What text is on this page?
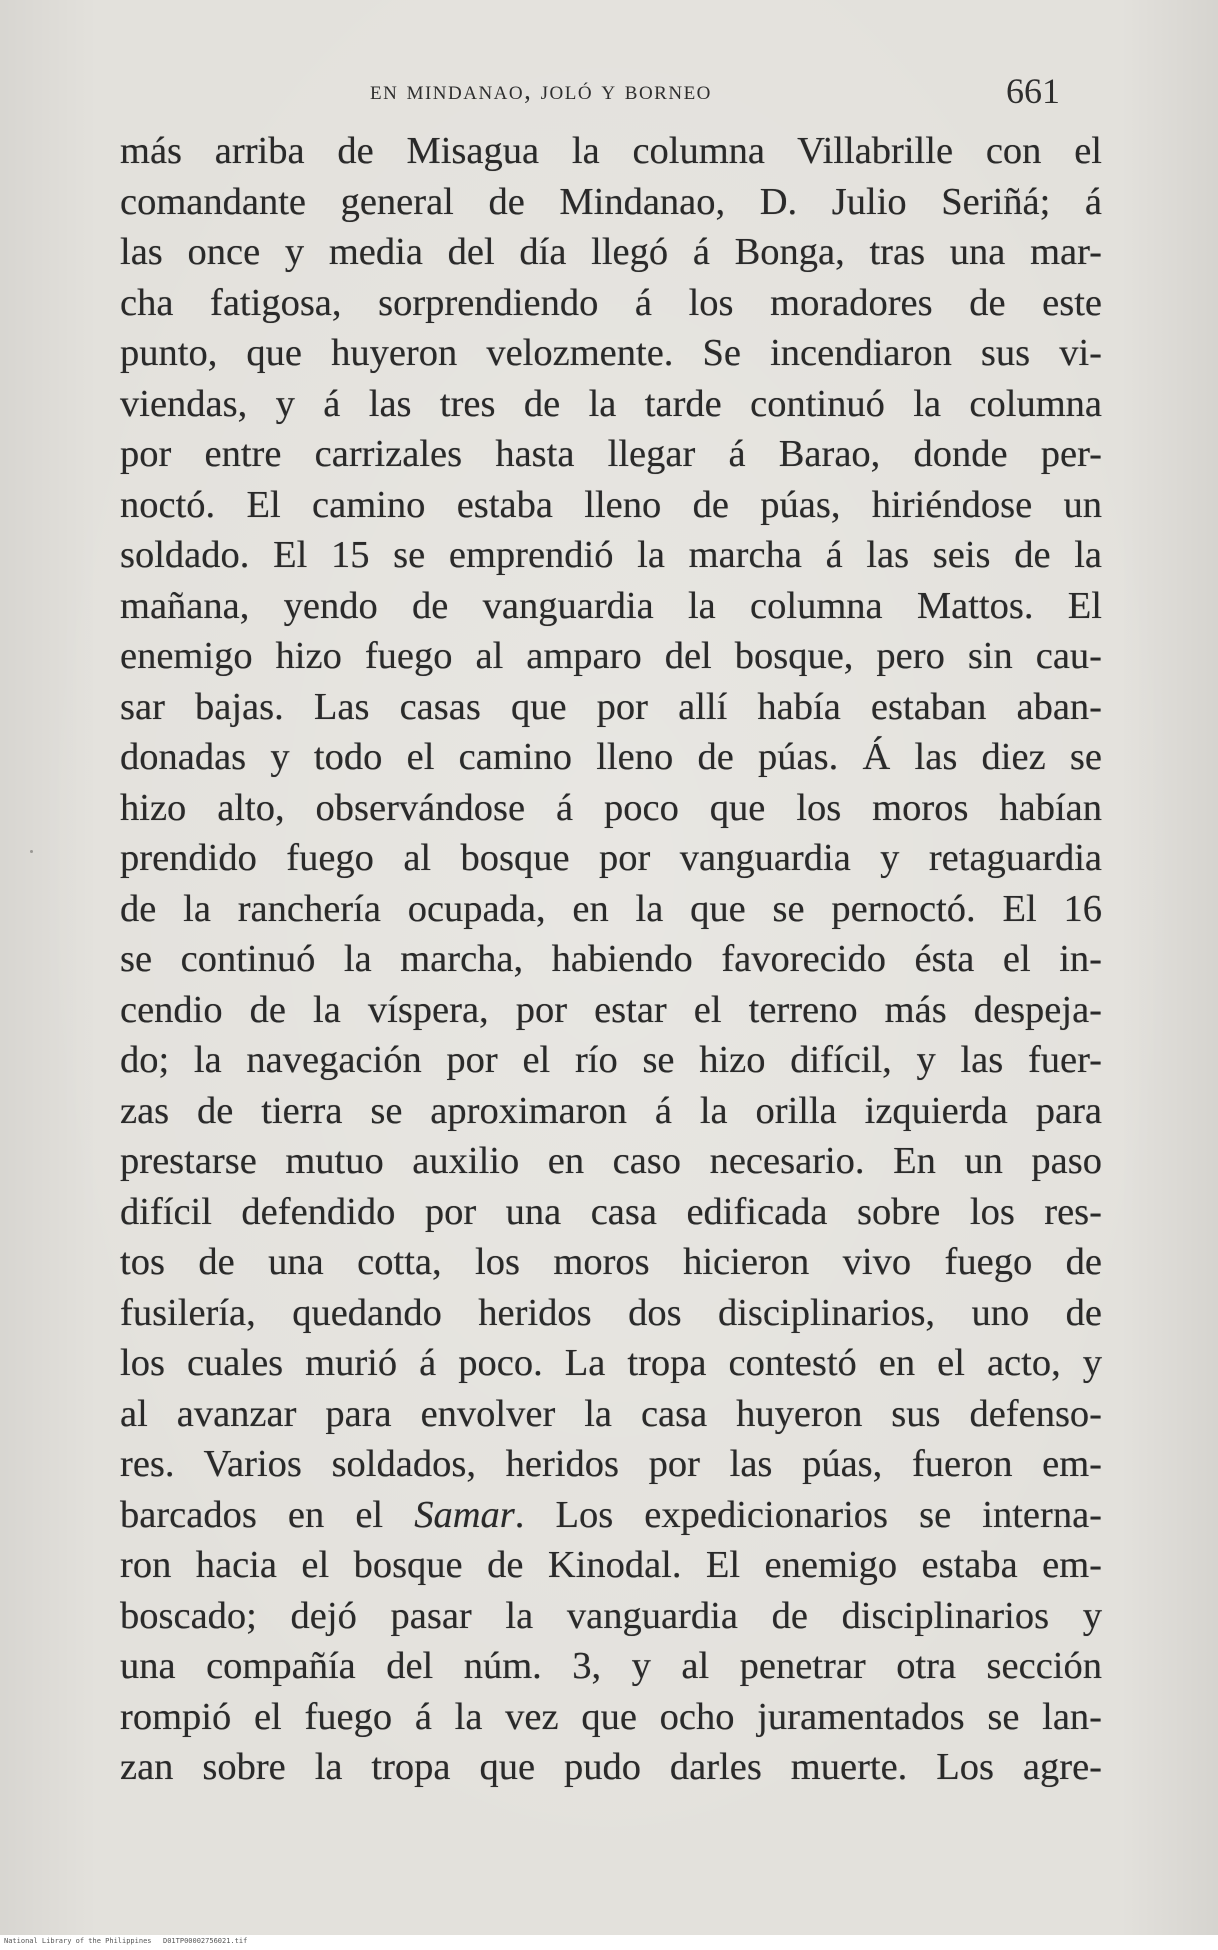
en mindanao, joló y borneo	661
más arriba de Misagua la columna Villabrille con el
comandante general de Mindanao, D. Julio Seriñá; á
las once y media del día llegó á Bonga, tras una mar-
cha fatigosa, sorprendiendo á los moradores de este
punto, que huyeron velozmente. Se incendiaron sus vi-
viendas, y á las tres de la tarde continuó la columna
por entre carrizales hasta llegar á Barao, donde per-
noctó. El camino estaba lleno de púas, hiriéndose un
soldado. El 15 se emprendió la marcha á las seis de la
mañana, yendo de vanguardia la columna Mattos. El
enemigo hizo fuego al amparo del bosque, pero sin cau-
sar bajas. Las casas que por allí había estaban aban-
donadas y todo el camino lleno de púas. Á las diez se
hizo alto, observándose á poco que los moros habían
prendido fuego al bosque por vanguardia y retaguardia
de la ranchería ocupada, en la que se pernoctó. El 16
se continuó la marcha, habiendo favorecido ésta el in-
cendio de la víspera, por estar el terreno más despeja-
do; la navegación por el río se hizo difícil, y las fuer-
zas de tierra se aproximaron á la orilla izquierda para
prestarse mutuo auxilio en caso necesario. En un paso
difícil defendido por una casa edificada sobre los res-
tos de una cotta, los moros hicieron vivo fuego de
fusilería, quedando heridos dos disciplinarios, uno de
los cuales murió á poco. La tropa contestó en el acto, y
al avanzar para envolver la casa huyeron sus defenso-
res. Varios soldados, heridos por las púas, fueron em-
barcados en el Samar. Los expedicionarios se interna-
ron hacia el bosque de Kinodal. El enemigo estaba em-
boscado; dejó pasar la vanguardia de disciplinarios y
una compañía del núm. 3, y al penetrar otra sección
rompió el fuego á la vez que ocho juramentados se lan-
zan sobre la tropa que pudo darles muerte. Los agre-
National Library of the Philippines D01TP00002756021.tif
